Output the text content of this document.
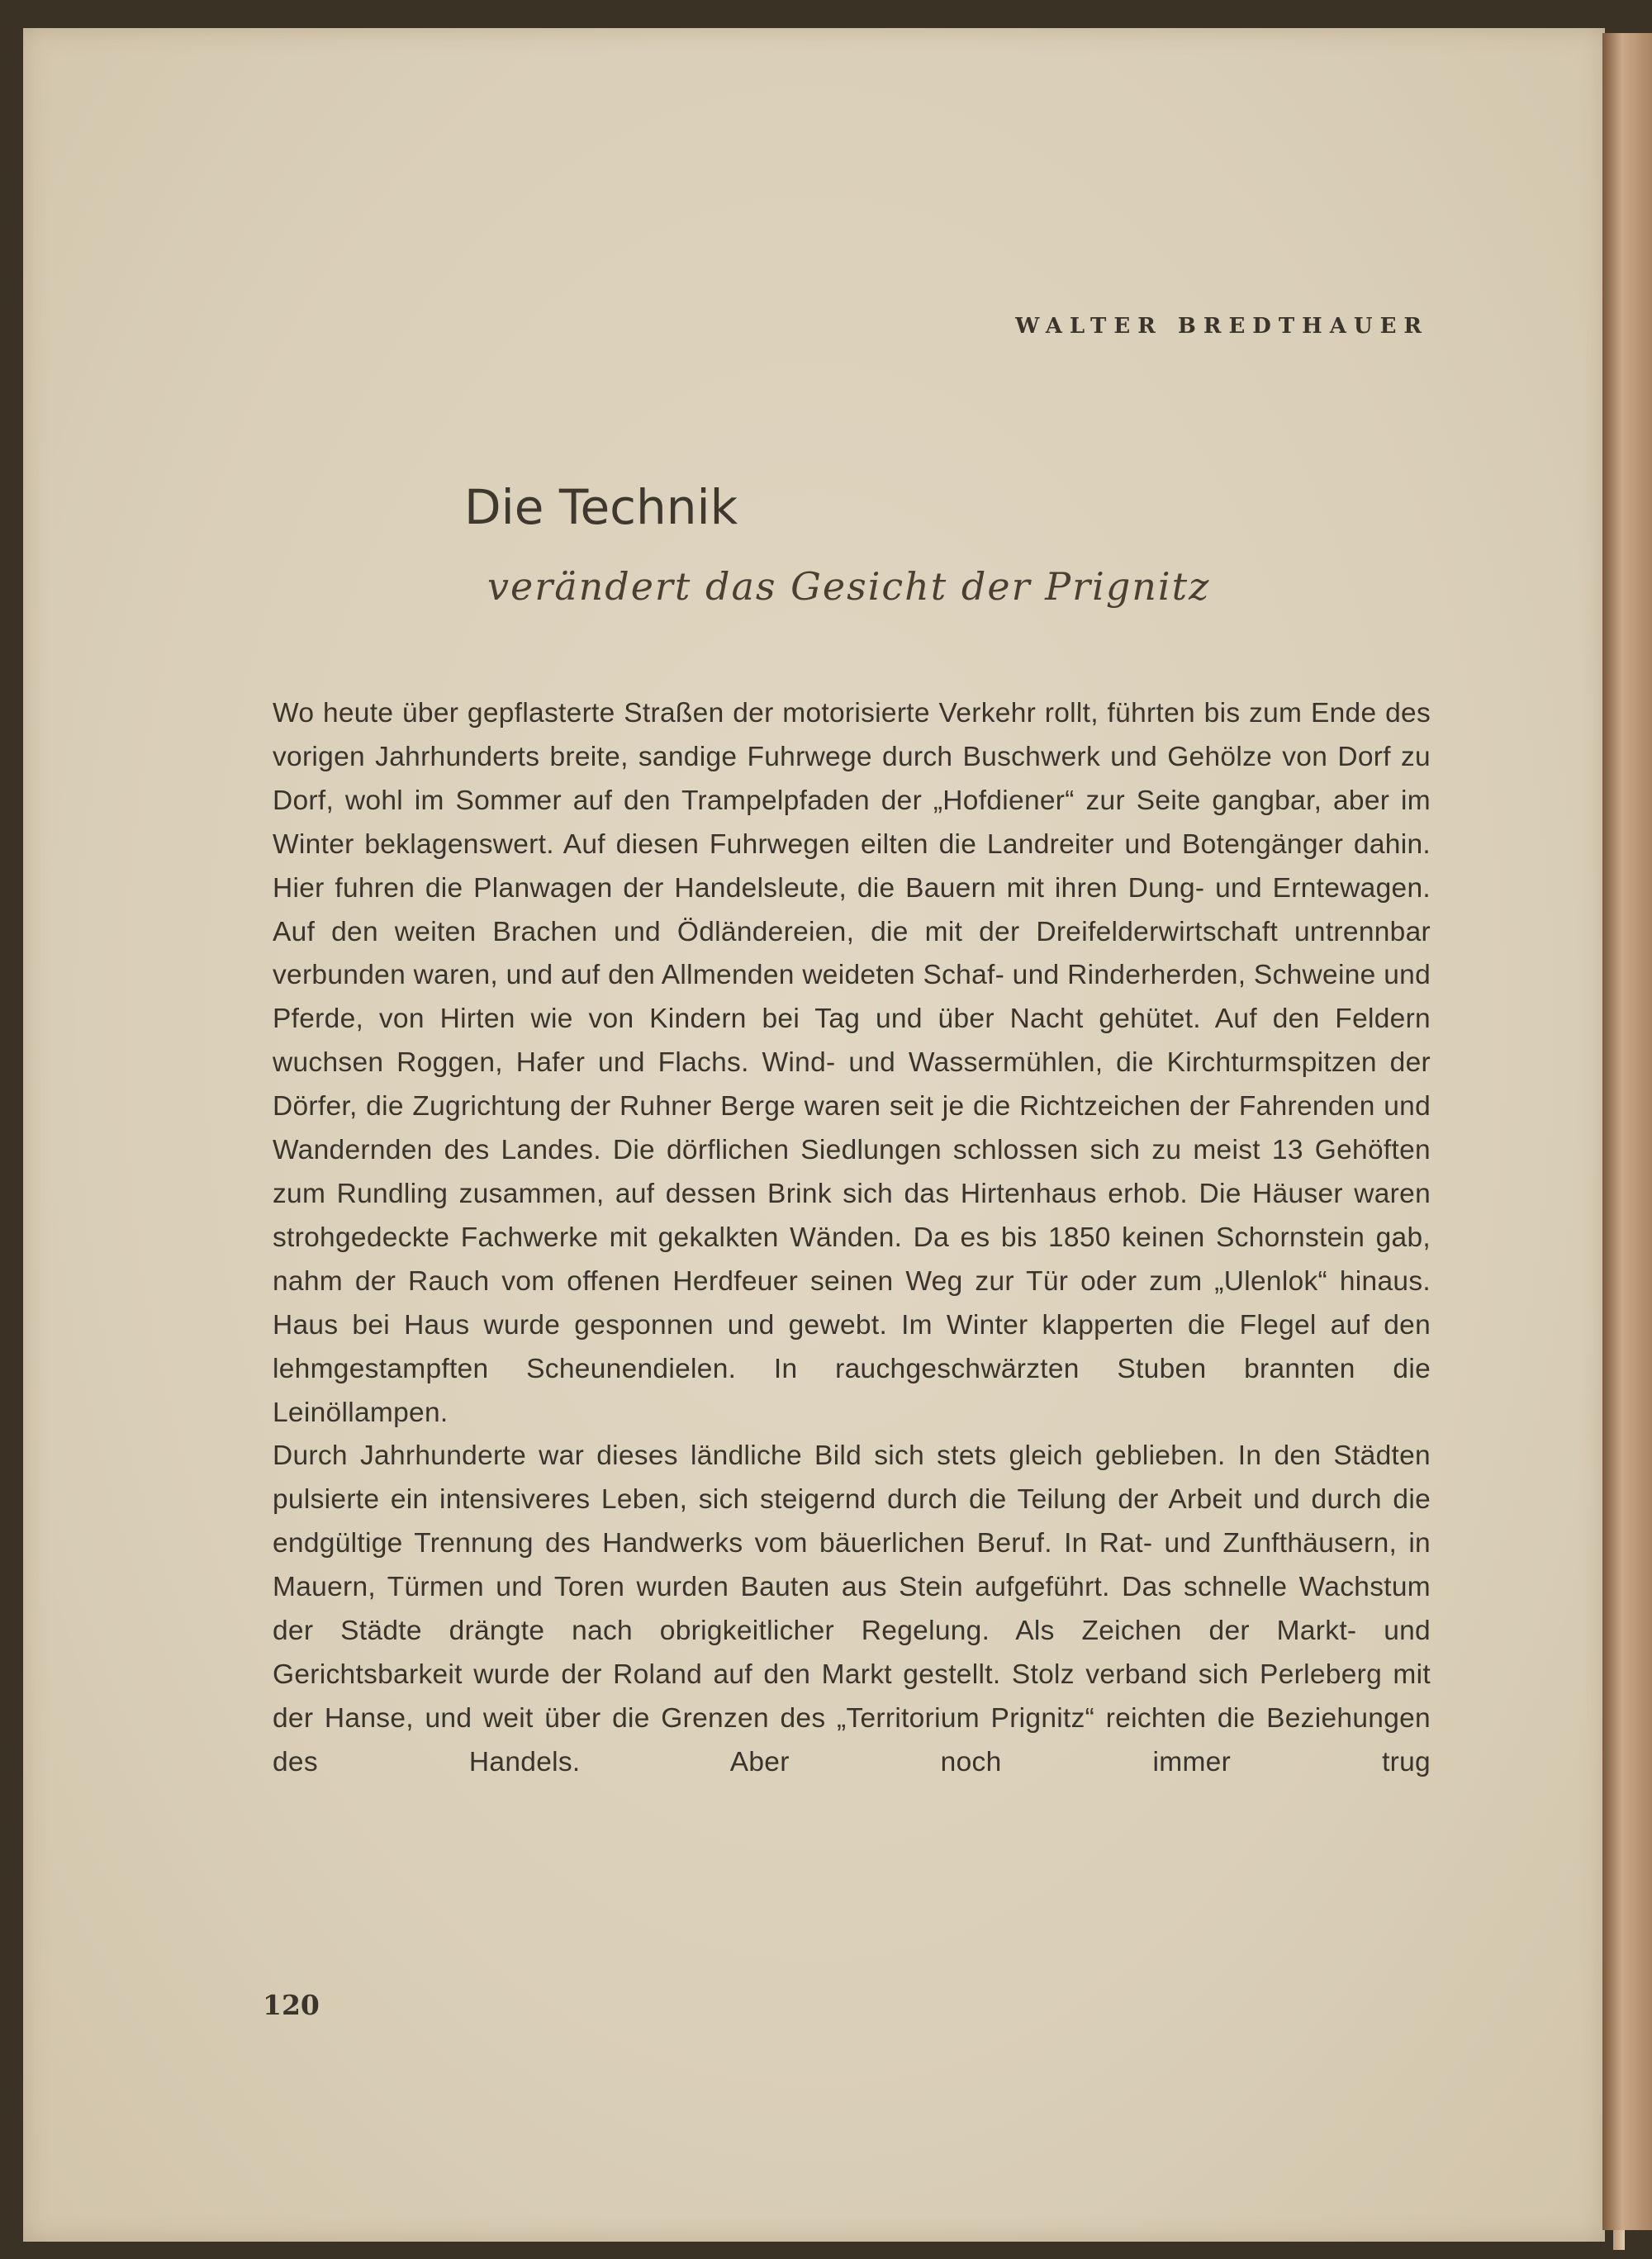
WALTER BREDTHAUER
Die Technik
verändert das Gesicht der Prignitz

Wo heute über gepflasterte Straßen der motorisierte Verkehr rollt, führten bis zum Ende des vorigen Jahrhunderts breite, sandige Fuhrwege durch Buschwerk und Gehölze von Dorf zu Dorf, wohl im Sommer auf den Trampelpfaden der „Hofdiener“ zur Seite gangbar, aber im Winter beklagenswert. Auf diesen Fuhrwegen eilten die Landreiter und Botengänger dahin. Hier fuhren die Planwagen der Handelsleute, die Bauern mit ihren Dung- und Erntewagen. Auf den weiten Brachen und Ödländereien, die mit der Dreifelderwirtschaft untrennbar verbunden waren, und auf den Allmenden weideten Schaf- und Rinderherden, Schweine und Pferde, von Hirten wie von Kindern bei Tag und über Nacht gehütet. Auf den Feldern wuchsen Roggen, Hafer und Flachs. Wind- und Wassermühlen, die Kirchturmspitzen der Dörfer, die Zugrichtung der Ruhner Berge waren seit je die Richtzeichen der Fahrenden und Wandernden des Landes. Die dörflichen Siedlungen schlossen sich zu meist 13 Gehöften zum Rundling zusammen, auf dessen Brink sich das Hirtenhaus erhob. Die Häuser waren strohgedeckte Fachwerke mit gekalkten Wänden. Da es bis 1850 keinen Schornstein gab, nahm der Rauch vom offenen Herdfeuer seinen Weg zur Tür oder zum „Ulenlok“ hinaus. Haus bei Haus wurde gesponnen und gewebt. Im Winter klapperten die Flegel auf den lehmgestampften Scheunendielen. In rauchgeschwärzten Stuben brannten die Leinöllampen.

Durch Jahrhunderte war dieses ländliche Bild sich stets gleich geblieben. In den Städten pulsierte ein intensiveres Leben, sich steigernd durch die Teilung der Arbeit und durch die endgültige Trennung des Handwerks vom bäuerlichen Beruf. In Rat- und Zunfthäusern, in Mauern, Türmen und Toren wurden Bauten aus Stein aufgeführt. Das schnelle Wachstum der Städte drängte nach obrigkeitlicher Regelung. Als Zeichen der Markt- und Gerichtsbarkeit wurde der Roland auf den Markt gestellt. Stolz verband sich Perleberg mit der Hanse, und weit über die Grenzen des „Territorium Prignitz“ reichten die Beziehungen des Handels. Aber noch immer trug

120
